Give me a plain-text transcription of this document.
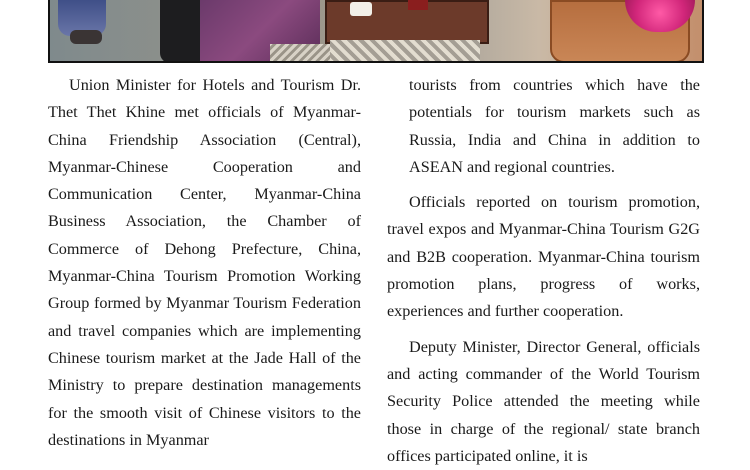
Union Minister for Hotels and Tourism Dr. Thet Thet Khine met officials of Myanmar-China Friendship Association (Central), Myanmar-Chinese Cooperation and Communication Center, Myanmar-China Business Association, the Chamber of Commerce of Dehong Prefecture, China, Myanmar-China Tourism Promotion Working Group formed by Myanmar Tourism Federation and travel companies which are implementing Chinese tourism market at the Jade Hall of the Ministry to prepare destination managements for the smooth visit of Chinese visitors to the destinations in Myanmar

tourists from countries which have the potentials for tourism markets such as Russia, India and China in addition to ASEAN and regional countries.

Officials reported on tourism promotion, travel expos and Myanmar-China Tourism G2G and B2B cooperation. Myanmar-China tourism promotion plans, progress of works, experiences and further cooperation.

Deputy Minister, Director General, officials and acting commander of the World Tourism Security Police attended the meeting while those in charge of the regional/ state branch offices participated online, it is
